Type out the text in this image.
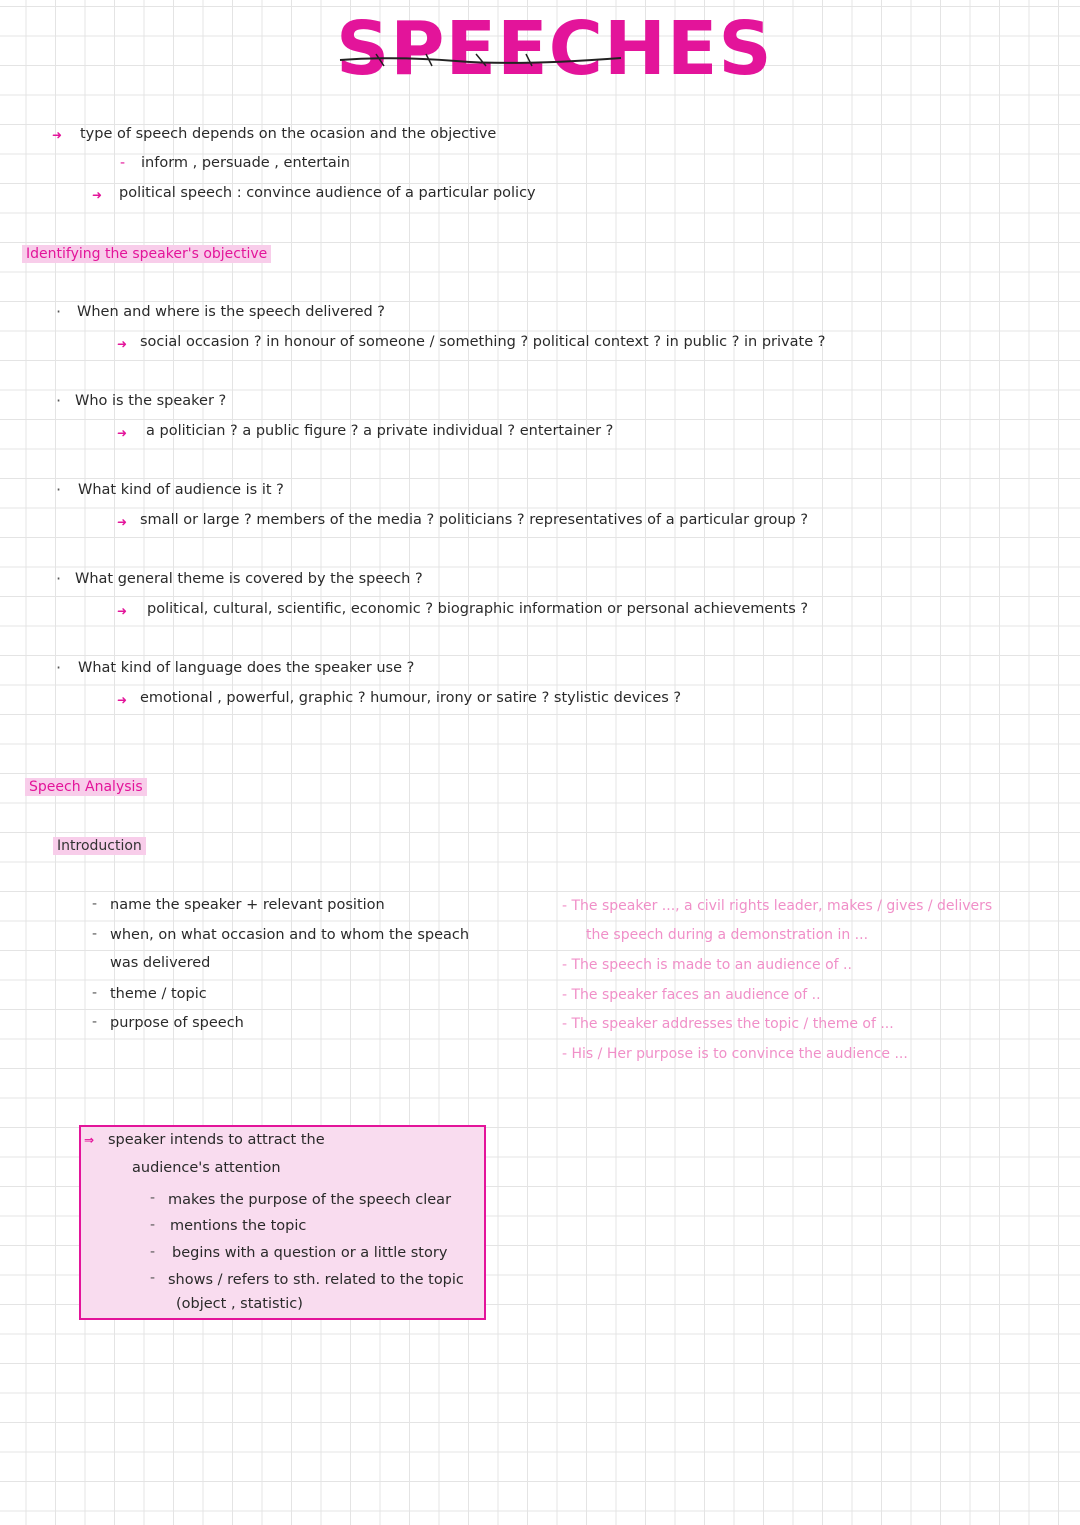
SPEECHES
➜ type of speech depends on the ocasion and the objective
- inform , persuade , entertain
➜ political speech : convince audience of a particular policy
Identifying the speaker's objective
· When and where is the speech delivered ?
➜ social occasion ? in honour of someone / something ? political context ? in public ? in private ?
· Who is the speaker ?
➜ a politician ? a public figure ? a private individual ? entertainer ?
· What kind of audience is it ?
➜ small or large ? members of the media ? politicians ? representatives of a particular group ?
· What general theme is covered by the speech ?
➜ political, cultural, scientific, economic ? biographic information or personal achievements ?
· What kind of language does the speaker use ?
➜ emotional , powerful, graphic ? humour, irony or satire ? stylistic devices ?
Speech Analysis
Introduction
- name the speaker + relevant position
- when, on what occasion and to whom the speach
was delivered
- theme / topic
- purpose of speech
- The speaker ..., a civil rights leader, makes / gives / delivers
the speech during a demonstration in ...
- The speech is made to an audience of ..
- The speaker faces an audience of ..
- The speaker addresses the topic / theme of ...
- His / Her purpose is to convince the audience ...
⇒ speaker intends to attract the
audience's attention
- makes the purpose of the speech clear
- mentions the topic
- begins with a question or a little story
- shows / refers to sth. related to the topic
(object , statistic)
